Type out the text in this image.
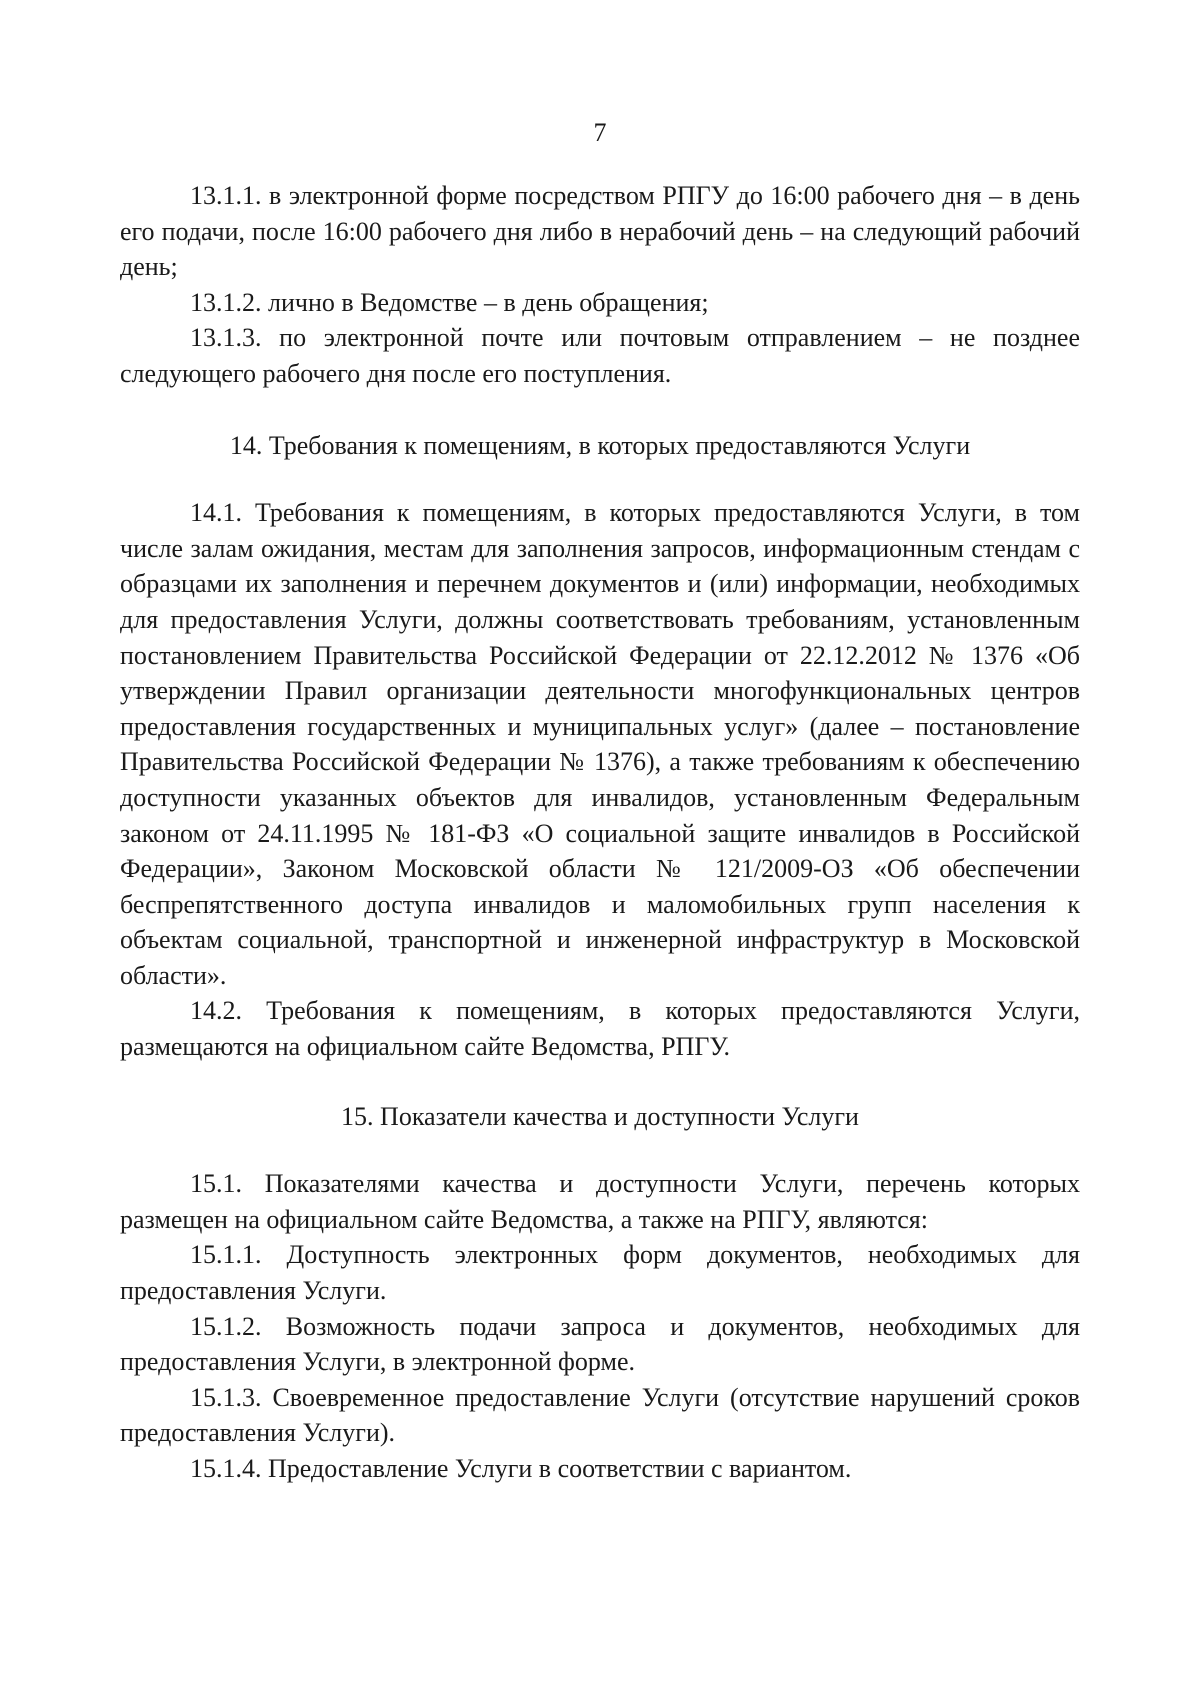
7

13.1.1. в электронной форме посредством РПГУ до 16:00 рабочего дня – в день его подачи, после 16:00 рабочего дня либо в нерабочий день – на следующий рабочий день;

13.1.2. лично в Ведомстве – в день обращения;

13.1.3. по электронной почте или почтовым отправлением – не позднее следующего рабочего дня после его поступления.

14. Требования к помещениям, в которых предоставляются Услуги

14.1. Требования к помещениям, в которых предоставляются Услуги, в том числе залам ожидания, местам для заполнения запросов, информационным стендам с образцами их заполнения и перечнем документов и (или) информации, необходимых для предоставления Услуги, должны соответствовать требованиям, установленным постановлением Правительства Российской Федерации от 22.12.2012 № 1376 «Об утверждении Правил организации деятельности многофункциональных центров предоставления государственных и муниципальных услуг» (далее – постановление Правительства Российской Федерации № 1376), а также требованиям к обеспечению доступности указанных объектов для инвалидов, установленным Федеральным законом от 24.11.1995 № 181-ФЗ «О социальной защите инвалидов в Российской Федерации», Законом Московской области № 121/2009-ОЗ «Об обеспечении беспрепятственного доступа инвалидов и маломобильных групп населения к объектам социальной, транспортной и инженерной инфраструктур в Московской области».

14.2. Требования к помещениям, в которых предоставляются Услуги, размещаются на официальном сайте Ведомства, РПГУ.

15. Показатели качества и доступности Услуги

15.1. Показателями качества и доступности Услуги, перечень которых размещен на официальном сайте Ведомства, а также на РПГУ, являются:

15.1.1. Доступность электронных форм документов, необходимых для предоставления Услуги.

15.1.2. Возможность подачи запроса и документов, необходимых для предоставления Услуги, в электронной форме.

15.1.3. Своевременное предоставление Услуги (отсутствие нарушений сроков предоставления Услуги).

15.1.4. Предоставление Услуги в соответствии с вариантом.
